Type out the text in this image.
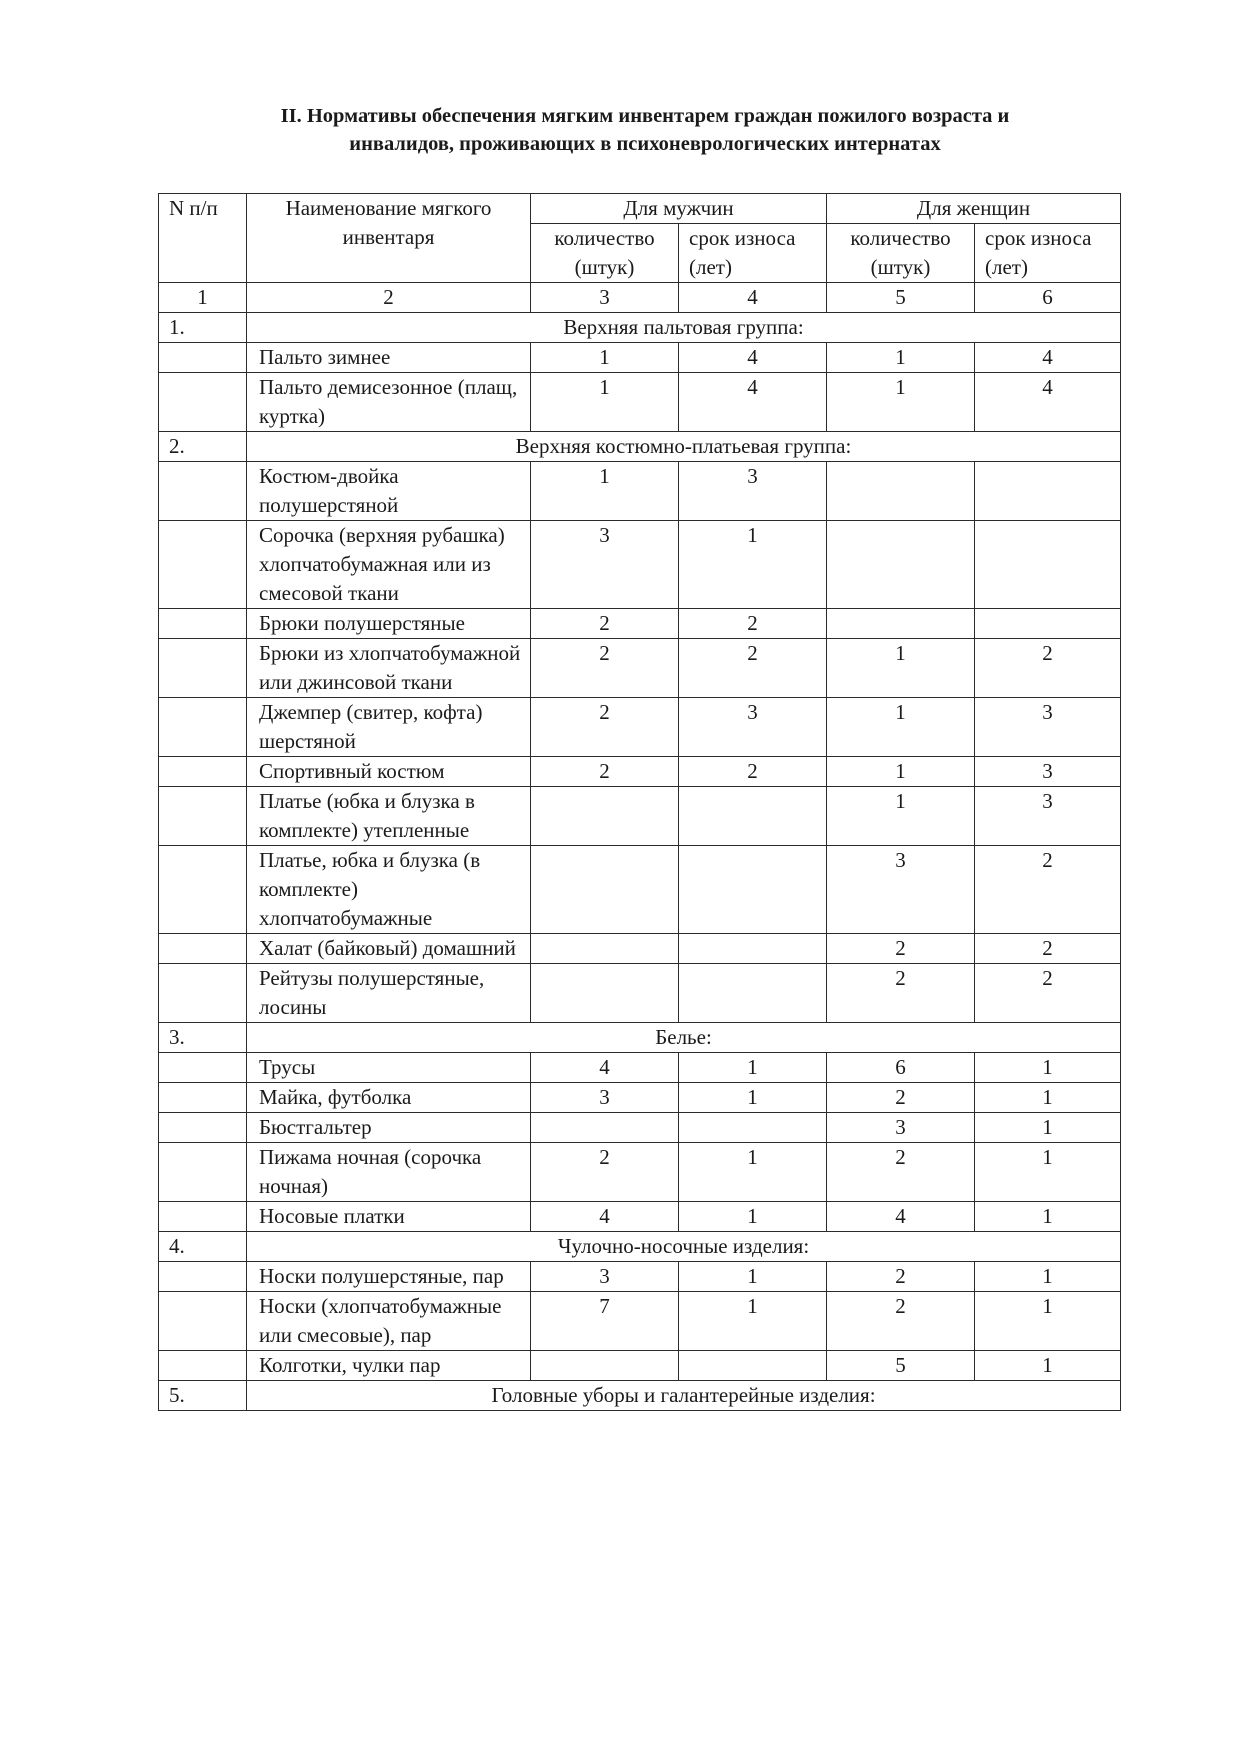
II. Нормативы обеспечения мягким инвентарем граждан пожилого возраста и
инвалидов, проживающих в психоневрологических интернатах
N п/п	Наименование мягкого инвентаря	Для мужчин		Для женщин	
		количество (штук)	срок износа (лет)	количество (штук)	срок износа (лет)
1	2	3	4	5	6
1.	Верхняя пальтовая группа:				
	Пальто зимнее	1	4	1	4
	Пальто демисезонное (плащ, куртка)	1	4	1	4
2.	Верхняя костюмно-платьевая группа:				
	Костюм-двойка полушерстяной	1	3		
	Сорочка (верхняя рубашка) хлопчатобумажная или из смесовой ткани	3	1		
	Брюки полушерстяные	2	2		
	Брюки из хлопчатобумажной или джинсовой ткани	2	2	1	2
	Джемпер (свитер, кофта) шерстяной	2	3	1	3
	Спортивный костюм	2	2	1	3
	Платье (юбка и блузка в комплекте) утепленные			1	3
	Платье, юбка и блузка (в комплекте) хлопчатобумажные			3	2
	Халат (байковый) домашний			2	2
	Рейтузы полушерстяные, лосины			2	2
3.	Белье:				
	Трусы	4	1	6	1
	Майка, футболка	3	1	2	1
	Бюстгальтер			3	1
	Пижама ночная (сорочка ночная)	2	1	2	1
	Носовые платки	4	1	4	1
4.	Чулочно-носочные изделия:				
	Носки полушерстяные, пар	3	1	2	1
	Носки (хлопчатобумажные или смесовые), пар	7	1	2	1
	Колготки, чулки пар			5	1
5.	Головные уборы и галантерейные изделия:				
